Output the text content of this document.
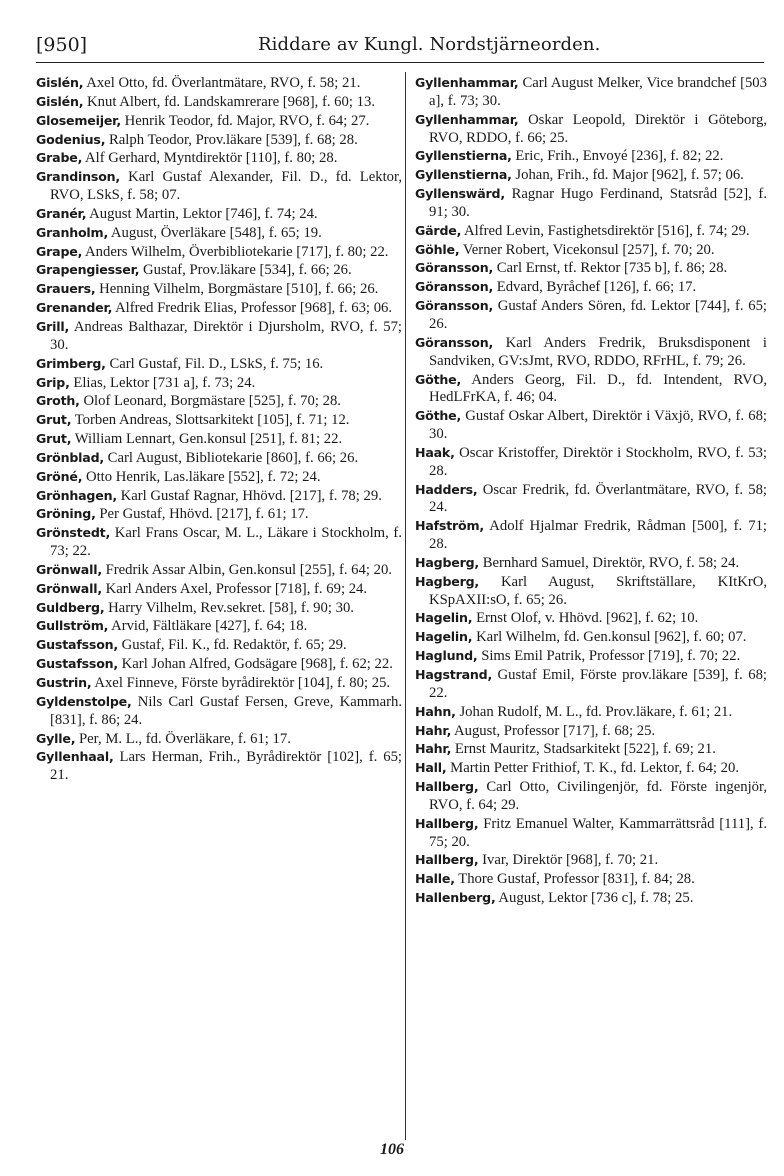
[950]	Riddare av Kungl. Nordstjärneorden.
Gislén, Axel Otto, fd. Överlantmätare, RVO, f. 58; 21.
Gislén, Knut Albert, fd. Landskamrerare [968], f. 60; 13.
Glosemeijer, Henrik Teodor, fd. Major, RVO, f. 64; 27.
Godenius, Ralph Teodor, Prov.läkare [539], f. 68; 28.
Grabe, Alf Gerhard, Myntdirektör [110], f. 80; 28.
Grandinson, Karl Gustaf Alexander, Fil. D., fd. Lektor, RVO, LSkS, f. 58; 07.
Granér, August Martin, Lektor [746], f. 74; 24.
Granholm, August, Överläkare [548], f. 65; 19.
Grape, Anders Wilhelm, Överbibliotekarie [717], f. 80; 22.
Grapengiesser, Gustaf, Prov.läkare [534], f. 66; 26.
Grauers, Henning Vilhelm, Borgmästare [510], f. 66; 26.
Grenander, Alfred Fredrik Elias, Professor [968], f. 63; 06.
Grill, Andreas Balthazar, Direktör i Djursholm, RVO, f. 57; 30.
Grimberg, Carl Gustaf, Fil. D., LSkS, f. 75; 16.
Grip, Elias, Lektor [731 a], f. 73; 24.
Groth, Olof Leonard, Borgmästare [525], f. 70; 28.
Grut, Torben Andreas, Slottsarkitekt [105], f. 71; 12.
Grut, William Lennart, Gen.konsul [251], f. 81; 22.
Grönblad, Carl August, Bibliotekarie [860], f. 66; 26.
Gröné, Otto Henrik, Las.läkare [552], f. 72; 24.
Grönhagen, Karl Gustaf Ragnar, Hhövd. [217], f. 78; 29.
Gröning, Per Gustaf, Hhövd. [217], f. 61; 17.
Grönstedt, Karl Frans Oscar, M. L., Läkare i Stockholm, f. 73; 22.
Grönwall, Fredrik Assar Albin, Gen.konsul [255], f. 64; 20.
Grönwall, Karl Anders Axel, Professor [718], f. 69; 24.
Guldberg, Harry Vilhelm, Rev.sekret. [58], f. 90; 30.
Gullström, Arvid, Fältläkare [427], f. 64; 18.
Gustafsson, Gustaf, Fil. K., fd. Redaktör, f. 65; 29.
Gustafsson, Karl Johan Alfred, Godsägare [968], f. 62; 22.
Gustrin, Axel Finneve, Förste byrådirektör [104], f. 80; 25.
Gyldenstolpe, Nils Carl Gustaf Fersen, Greve, Kammarh. [831], f. 86; 24.
Gylle, Per, M. L., fd. Överläkare, f. 61; 17.
Gyllenhaal, Lars Herman, Frih., Byrådirektör [102], f. 65; 21.
Gyllenhammar, Carl August Melker, Vice brandchef [503 a], f. 73; 30.
Gyllenhammar, Oskar Leopold, Direktör i Göteborg, RVO, RDDO, f. 66; 25.
Gyllenstierna, Eric, Frih., Envoyé [236], f. 82; 22.
Gyllenstierna, Johan, Frih., fd. Major [962], f. 57; 06.
Gyllenswärd, Ragnar Hugo Ferdinand, Statsråd [52], f. 91; 30.
Gärde, Alfred Levin, Fastighetsdirektör [516], f. 74; 29.
Göhle, Verner Robert, Vicekonsul [257], f. 70; 20.
Göransson, Carl Ernst, tf. Rektor [735 b], f. 86; 28.
Göransson, Edvard, Byråchef [126], f. 66; 17.
Göransson, Gustaf Anders Sören, fd. Lektor [744], f. 65; 26.
Göransson, Karl Anders Fredrik, Bruksdisponent i Sandviken, GV:sJmt, RVO, RDDO, RFrHL, f. 79; 26.
Göthe, Anders Georg, Fil. D., fd. Intendent, RVO, HedLFrKA, f. 46; 04.
Göthe, Gustaf Oskar Albert, Direktör i Växjö, RVO, f. 68; 30.
Haak, Oscar Kristoffer, Direktör i Stockholm, RVO, f. 53; 28.
Hadders, Oscar Fredrik, fd. Överlantmätare, RVO, f. 58; 24.
Hafström, Adolf Hjalmar Fredrik, Rådman [500], f. 71; 28.
Hagberg, Bernhard Samuel, Direktör, RVO, f. 58; 24.
Hagberg, Karl August, Skriftställare, KItKrO, KSpAXII:sO, f. 65; 26.
Hagelin, Ernst Olof, v. Hhövd. [962], f. 62; 10.
Hagelin, Karl Wilhelm, fd. Gen.konsul [962], f. 60; 07.
Haglund, Sims Emil Patrik, Professor [719], f. 70; 22.
Hagstrand, Gustaf Emil, Förste prov.läkare [539], f. 68; 22.
Hahn, Johan Rudolf, M. L., fd. Prov.läkare, f. 61; 21.
Hahr, August, Professor [717], f. 68; 25.
Hahr, Ernst Mauritz, Stadsarkitekt [522], f. 69; 21.
Hall, Martin Petter Frithiof, T. K., fd. Lektor, f. 64; 20.
Hallberg, Carl Otto, Civilingenjör, fd. Förste ingenjör, RVO, f. 64; 29.
Hallberg, Fritz Emanuel Walter, Kammarrättsråd [111], f. 75; 20.
Hallberg, Ivar, Direktör [968], f. 70; 21.
Halle, Thore Gustaf, Professor [831], f. 84; 28.
Hallenberg, August, Lektor [736 c], f. 78; 25.
106
